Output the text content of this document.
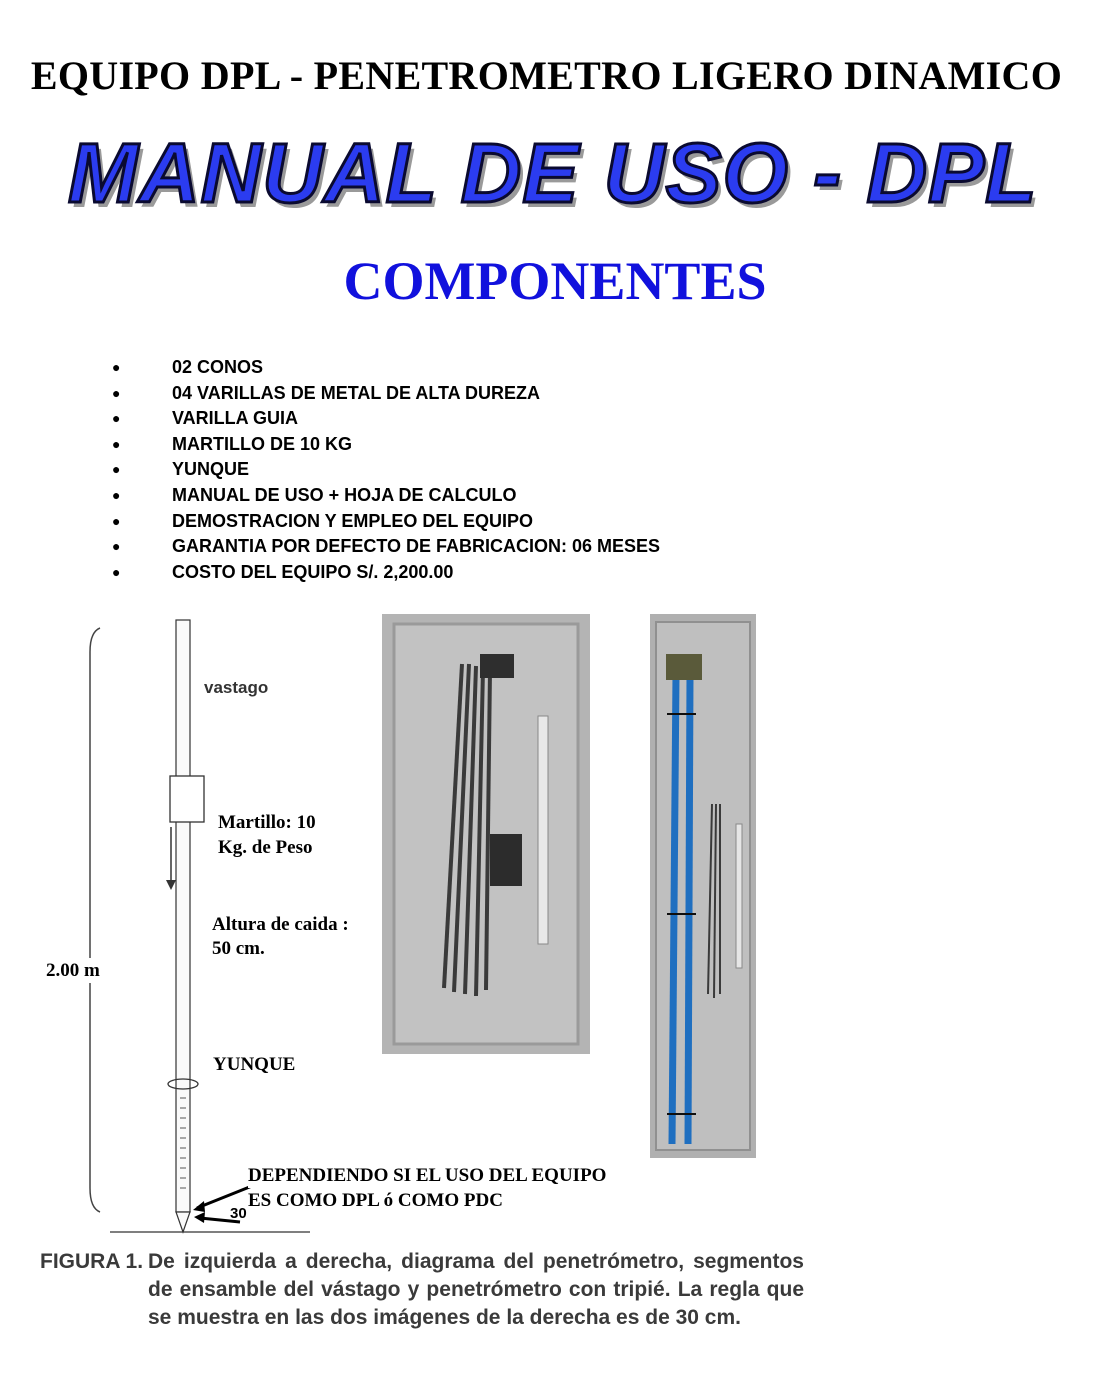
EQUIPO DPL - PENETROMETRO LIGERO DINAMICO
MANUAL DE USO - DPL
COMPONENTES
●	02 CONOS
●	04 VARILLAS DE METAL DE ALTA DUREZA
●	VARILLA GUIA
●	MARTILLO DE 10 KG
●	YUNQUE
●	MANUAL DE USO + HOJA DE CALCULO
●	DEMOSTRACION Y EMPLEO DEL EQUIPO
●	GARANTIA POR DEFECTO DE FABRICACION: 06 MESES
●	COSTO DEL EQUIPO S/. 2,200.00
vastago
Martillo: 10
Kg. de Peso
Altura de caida :
50 cm.
2.00 m
YUNQUE
30
DEPENDIENDO SI EL USO DEL EQUIPO
ES COMO DPL ó COMO PDC
FIGURA 1. De izquierda a derecha, diagrama del penetrómetro, segmentos de ensamble del vástago y penetrómetro con tripié. La regla que se muestra en las dos imágenes de la derecha es de 30 cm.
